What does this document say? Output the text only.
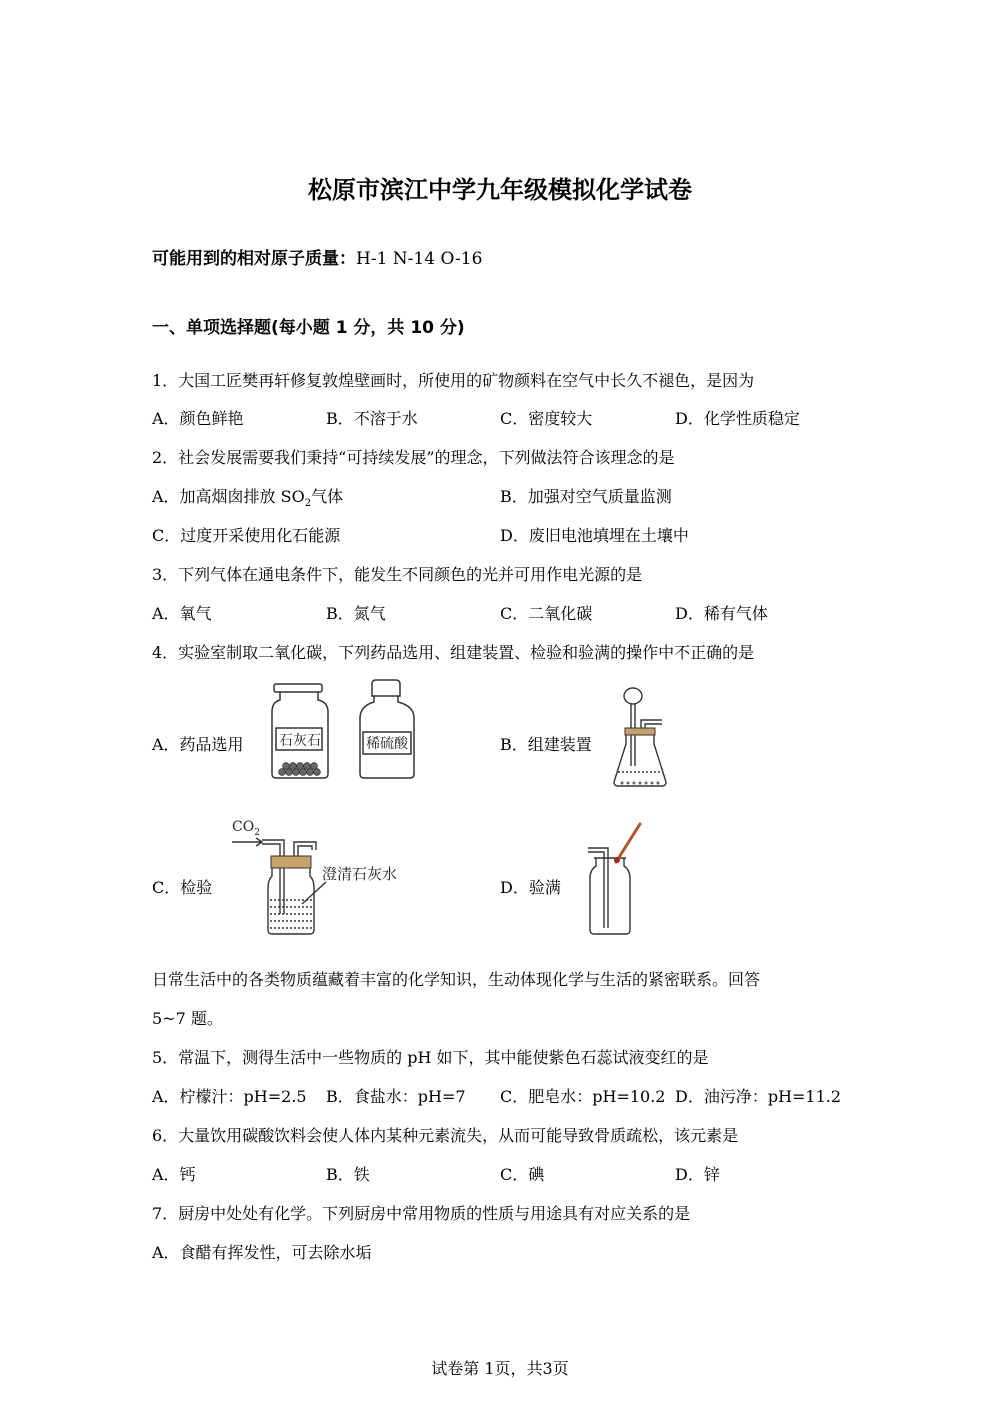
松原市滨江中学九年级模拟化学试卷
可能用到的相对原子质量：H-1 N-14 O-16
一、单项选择题(每小题 1 分，共 10 分)
1．大国工匠樊再轩修复敦煌壁画时，所使用的矿物颜料在空气中长久不褪色，是因为
A．颜色鲜艳	B．不溶于水	C．密度较大	D．化学性质稳定
2．社会发展需要我们秉持“可持续发展”的理念，下列做法符合该理念的是
A．加高烟囱排放 $SO_2$气体	B．加强对空气质量监测
C．过度开采使用化石能源	D．废旧电池填埋在土壤中
3．下列气体在通电条件下，能发生不同颜色的光并可用作电光源的是
A．氧气	B．氮气	C．二氧化碳	D．稀有气体
4．实验室制取二氧化碳，下列药品选用、组建装置、检验和验满的操作中不正确的是
A．药品选用	B．组建装置
C．检验	D．验满
石灰石	稀硫酸
$CO_2$
澄清石灰水
日常生活中的各类物质蕴藏着丰富的化学知识，生动体现化学与生活的紧密联系。回答
5~7 题。
5．常温下，测得生活中一些物质的 pH 如下，其中能使紫色石蕊试液变红的是
A．柠檬汁：pH=2.5 B．食盐水：pH=7 C．肥皂水：pH=10.2 D．油污净：pH=11.2
6．大量饮用碳酸饮料会使人体内某种元素流失，从而可能导致骨质疏松，该元素是
A．钙	B．铁	C．碘	D．锌
7．厨房中处处有化学。下列厨房中常用物质的性质与用途具有对应关系的是
A．食醋有挥发性，可去除水垢
试卷第 1页，共3页
